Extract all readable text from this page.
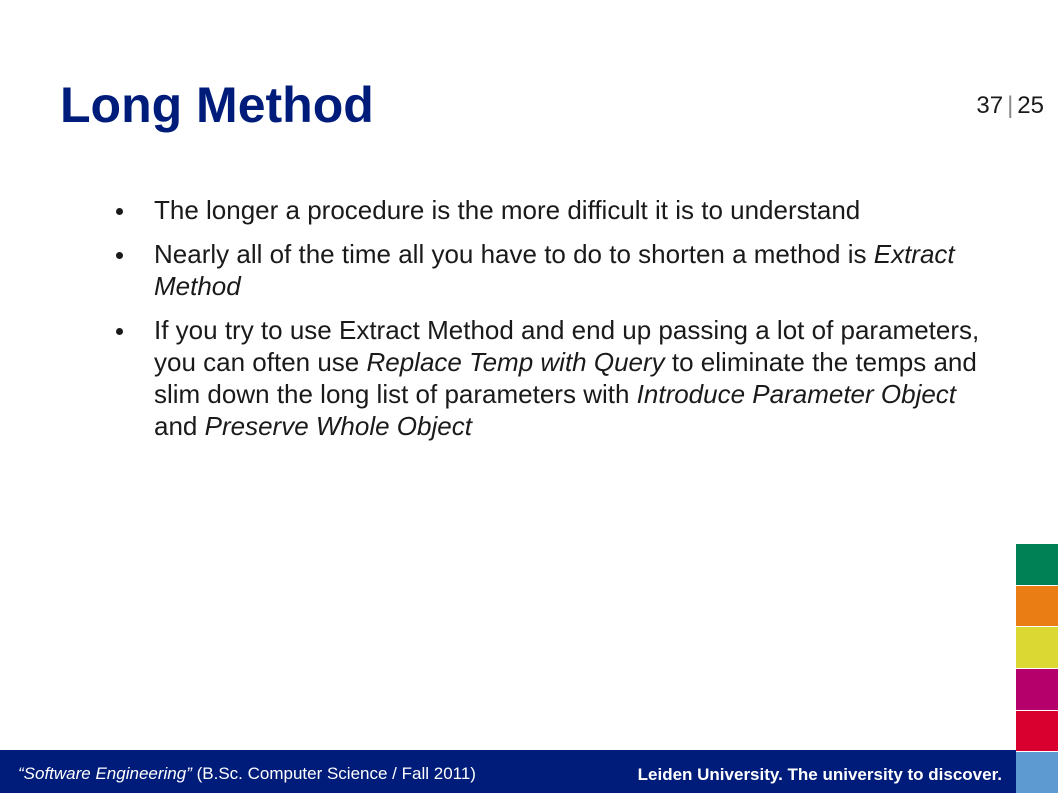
Long Method	37 | 25
The longer a procedure is the more difficult it is to understand
Nearly all of the time all you have to do to shorten a method is Extract Method
If you try to use Extract Method and end up passing a lot of parameters, you can often use Replace Temp with Query to eliminate the temps and slim down the long list of parameters with Introduce Parameter Object and Preserve Whole Object
“Software Engineering” (B.Sc. Computer Science / Fall 2011)	Leiden University. The university to discover.
